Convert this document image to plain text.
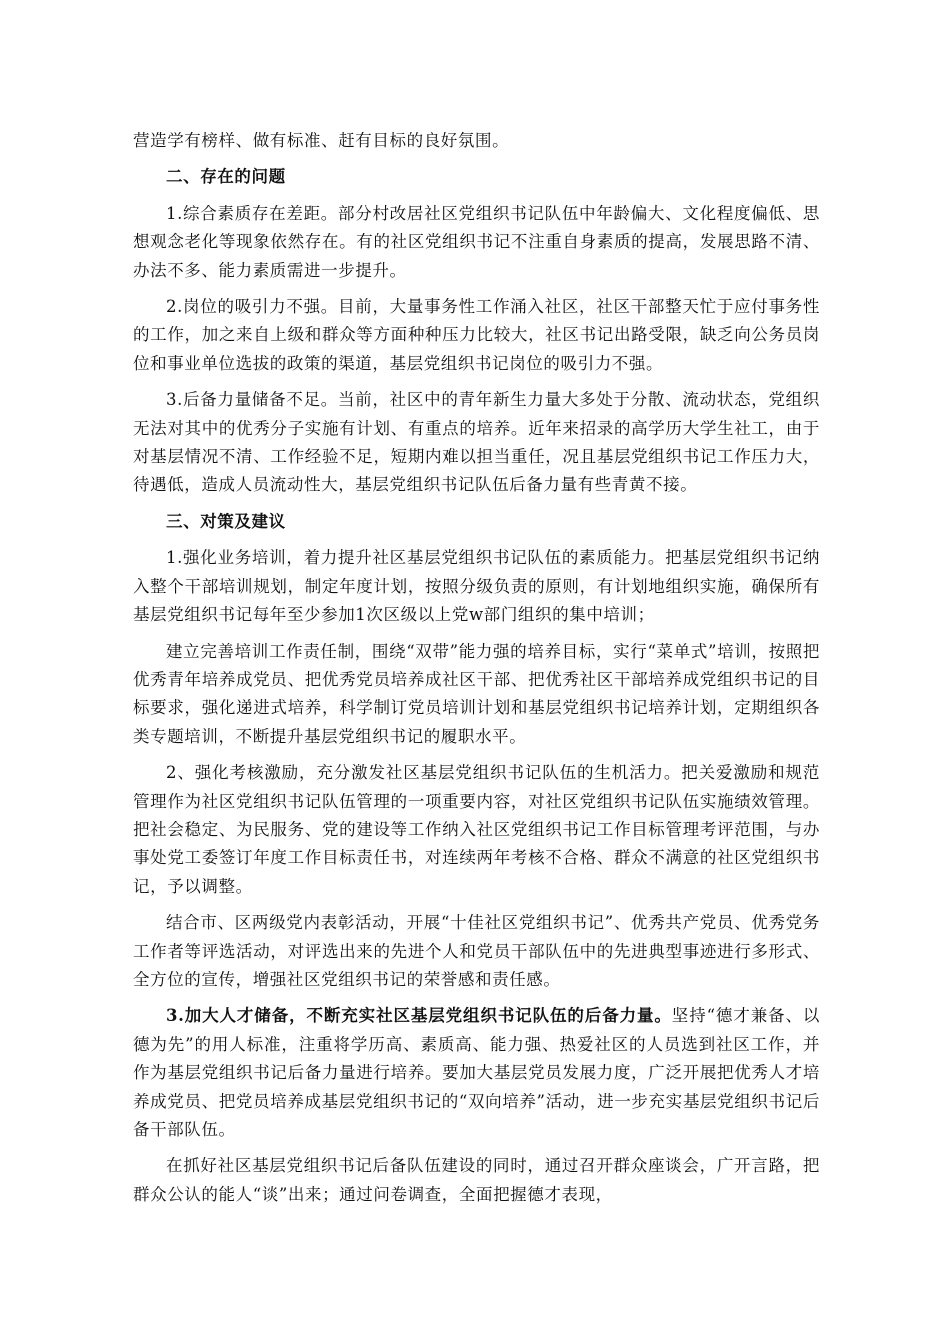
营造学有榜样、做有标准、赶有目标的良好氛围。

二、存在的问题

1.综合素质存在差距。部分村改居社区党组织书记队伍中年龄偏大、文化程度偏低、思想观念老化等现象依然存在。有的社区党组织书记不注重自身素质的提高，发展思路不清、办法不多、能力素质需进一步提升。

2.岗位的吸引力不强。目前，大量事务性工作涌入社区，社区干部整天忙于应付事务性的工作，加之来自上级和群众等方面种种压力比较大，社区书记出路受限，缺乏向公务员岗位和事业单位选拔的政策的渠道，基层党组织书记岗位的吸引力不强。

3.后备力量储备不足。当前，社区中的青年新生力量大多处于分散、流动状态，党组织无法对其中的优秀分子实施有计划、有重点的培养。近年来招录的高学历大学生社工，由于对基层情况不清、工作经验不足，短期内难以担当重任，况且基层党组织书记工作压力大，待遇低，造成人员流动性大，基层党组织书记队伍后备力量有些青黄不接。

三、对策及建议

1.强化业务培训，着力提升社区基层党组织书记队伍的素质能力。把基层党组织书记纳入整个干部培训规划，制定年度计划，按照分级负责的原则，有计划地组织实施，确保所有基层党组织书记每年至少参加1次区级以上党w部门组织的集中培训；

建立完善培训工作责任制，围绕“双带”能力强的培养目标，实行“菜单式”培训，按照把优秀青年培养成党员、把优秀党员培养成社区干部、把优秀社区干部培养成党组织书记的目标要求，强化递进式培养，科学制订党员培训计划和基层党组织书记培养计划，定期组织各类专题培训，不断提升基层党组织书记的履职水平。

2、强化考核激励，充分激发社区基层党组织书记队伍的生机活力。把关爱激励和规范管理作为社区党组织书记队伍管理的一项重要内容，对社区党组织书记队伍实施绩效管理。把社会稳定、为民服务、党的建设等工作纳入社区党组织书记工作目标管理考评范围，与办事处党工委签订年度工作目标责任书，对连续两年考核不合格、群众不满意的社区党组织书记，予以调整。

结合市、区两级党内表彰活动，开展“十佳社区党组织书记”、优秀共产党员、优秀党务工作者等评选活动，对评选出来的先进个人和党员干部队伍中的先进典型事迹进行多形式、全方位的宣传，增强社区党组织书记的荣誉感和责任感。

3.加大人才储备，不断充实社区基层党组织书记队伍的后备力量。坚持“德才兼备、以德为先”的用人标准，注重将学历高、素质高、能力强、热爱社区的人员选到社区工作，并作为基层党组织书记后备力量进行培养。要加大基层党员发展力度，广泛开展把优秀人才培养成党员、把党员培养成基层党组织书记的“双向培养”活动，进一步充实基层党组织书记后备干部队伍。

在抓好社区基层党组织书记后备队伍建设的同时，通过召开群众座谈会，广开言路，把群众公认的能人“谈”出来；通过问卷调查，全面把握德才表现，
